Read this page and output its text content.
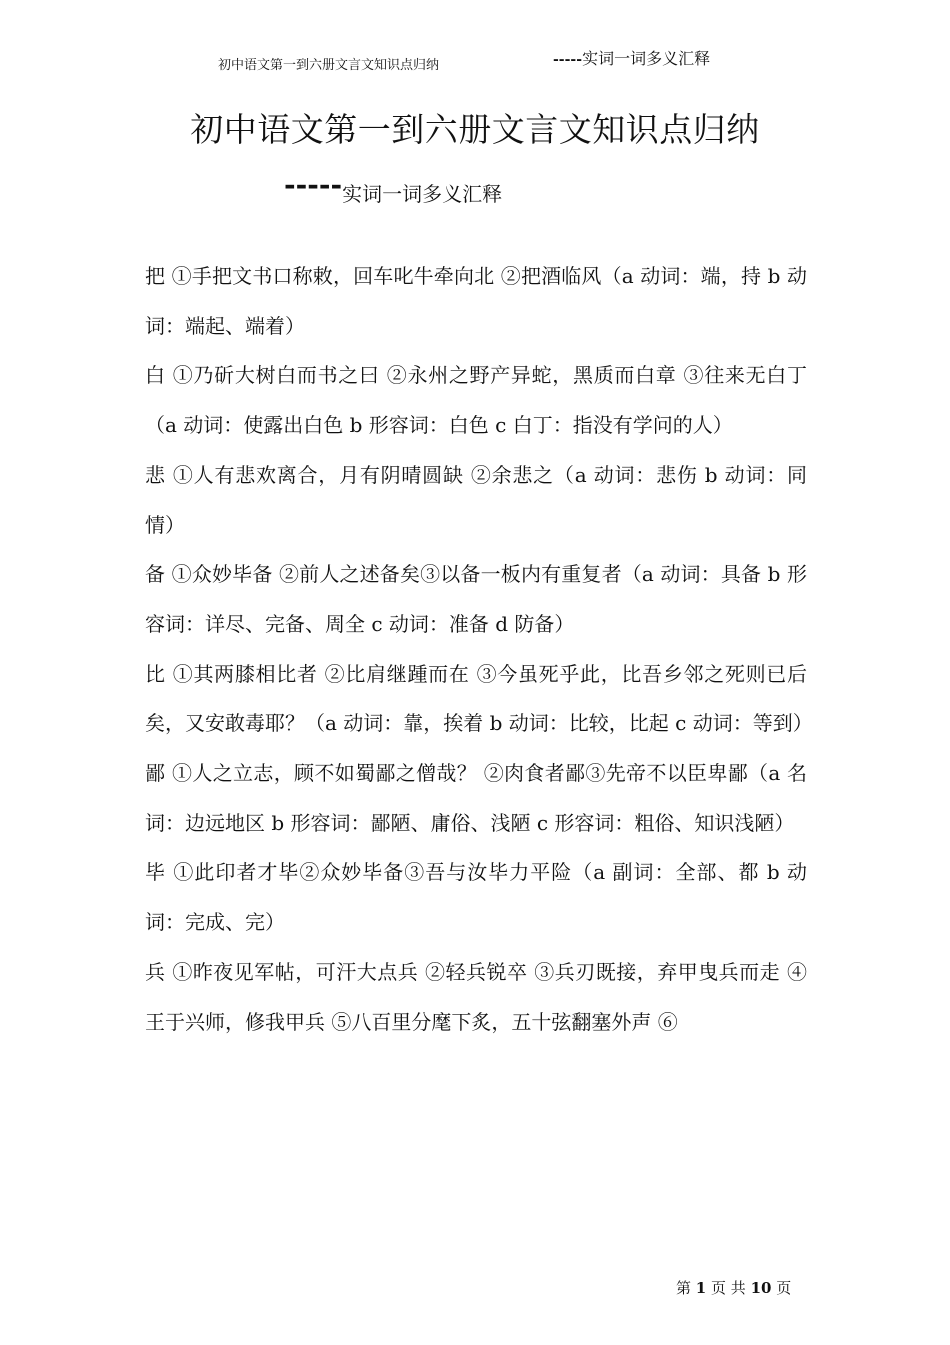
初中语文第一到六册文言文知识点归纳	-----实词一词多义汇释
初中语文第一到六册文言文知识点归纳
-----实词一词多义汇释

把 ①手把文书口称敕，回车叱牛牵向北 ②把酒临风（a 动词：端，持 b 动词：端起、端着）

白 ①乃斫大树白而书之曰 ②永州之野产异蛇，黑质而白章 ③往来无白丁（a 动词：使露出白色 b 形容词：白色 c 白丁：指没有学问的人）

悲 ①人有悲欢离合，月有阴晴圆缺 ②余悲之（a 动词：悲伤 b 动词：同情）

备 ①众妙毕备 ②前人之述备矣③以备一板内有重复者（a 动词：具备 b 形容词：详尽、完备、周全 c 动词：准备 d 防备）

比 ①其两膝相比者 ②比肩继踵而在 ③今虽死乎此，比吾乡邻之死则已后矣，又安敢毒耶？（a 动词：靠，挨着 b 动词：比较，比起 c 动词：等到）

鄙 ①人之立志，顾不如蜀鄙之僧哉？ ②肉食者鄙③先帝不以臣卑鄙（a 名词：边远地区 b 形容词：鄙陋、庸俗、浅陋 c 形容词：粗俗、知识浅陋）

毕 ①此印者才毕②众妙毕备③吾与汝毕力平险（a 副词：全部、都 b 动词：完成、完）

兵 ①昨夜见军帖，可汗大点兵 ②轻兵锐卒 ③兵刃既接，弃甲曳兵而走 ④王于兴师，修我甲兵 ⑤八百里分麾下炙，五十弦翻塞外声 ⑥

第 1 页 共 10 页
